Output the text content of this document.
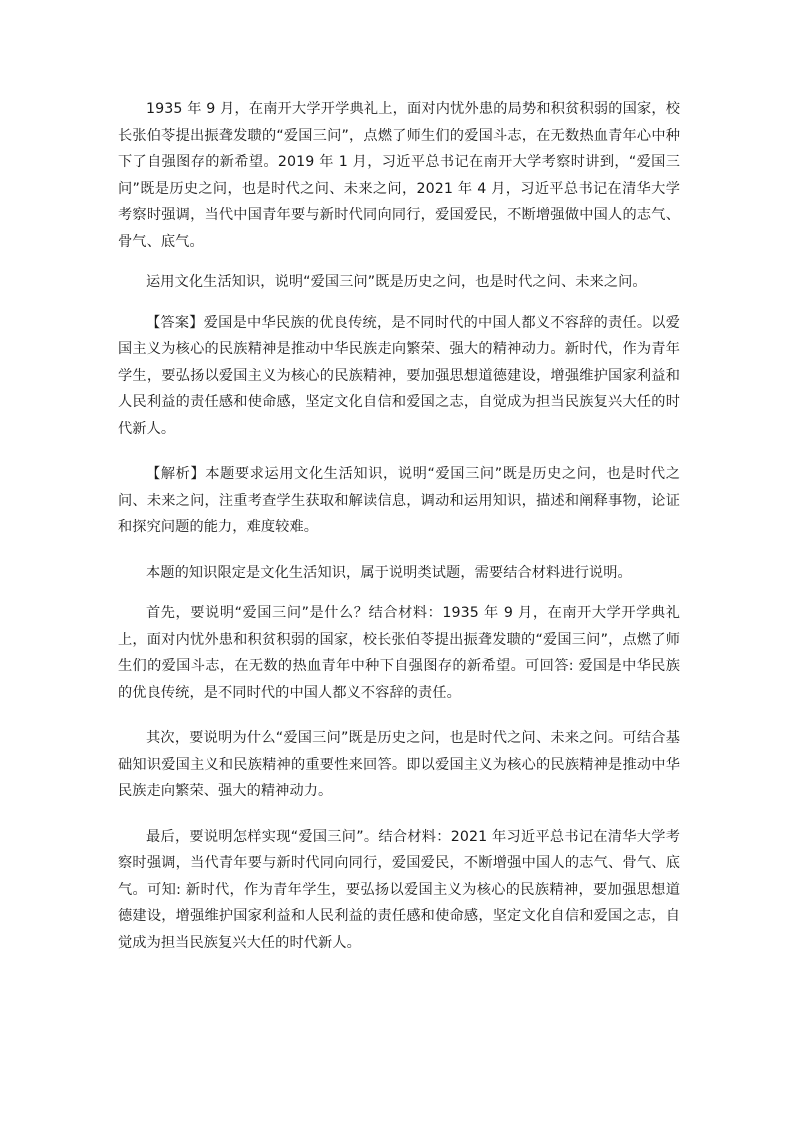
1935 年 9 月，在南开大学开学典礼上，面对内忧外患的局势和积贫积弱的国家，校长张伯苓提出振聋发聩的“爱国三问”，点燃了师生们的爱国斗志，在无数热血青年心中种下了自强图存的新希望。2019 年 1 月，习近平总书记在南开大学考察时讲到，“爱国三问”既是历史之问，也是时代之问、未来之问，2021 年 4 月，习近平总书记在清华大学考察时强调，当代中国青年要与新时代同向同行，爱国爱民，不断增强做中国人的志气、骨气、底气。

运用文化生活知识，说明“爱国三问”既是历史之问，也是时代之问、未来之问。

【答案】爱国是中华民族的优良传统，是不同时代的中国人都义不容辞的责任。以爱国主义为核心的民族精神是推动中华民族走向繁荣、强大的精神动力。新时代，作为青年学生，要弘扬以爱国主义为核心的民族精神，要加强思想道德建设，增强维护国家利益和人民利益的责任感和使命感，坚定文化自信和爱国之志，自觉成为担当民族复兴大任的时代新人。

【解析】本题要求运用文化生活知识，说明“爱国三问”既是历史之问，也是时代之问、未来之问，注重考查学生获取和解读信息，调动和运用知识，描述和阐释事物，论证和探究问题的能力，难度较难。

本题的知识限定是文化生活知识，属于说明类试题，需要结合材料进行说明。

首先，要说明“爱国三问”是什么？结合材料：1935 年 9 月，在南开大学开学典礼上，面对内忧外患和积贫积弱的国家，校长张伯苓提出振聋发聩的“爱国三问”，点燃了师生们的爱国斗志，在无数的热血青年中种下自强图存的新希望。可回答: 爱国是中华民族的优良传统，是不同时代的中国人都义不容辞的责任。

其次，要说明为什么“爱国三问”既是历史之问，也是时代之问、未来之问。可结合基础知识爱国主义和民族精神的重要性来回答。即以爱国主义为核心的民族精神是推动中华民族走向繁荣、强大的精神动力。

最后，要说明怎样实现“爱国三问”。结合材料：2021 年习近平总书记在清华大学考察时强调，当代青年要与新时代同向同行，爱国爱民，不断增强中国人的志气、骨气、底气。可知: 新时代，作为青年学生，要弘扬以爱国主义为核心的民族精神，要加强思想道德建设，增强维护国家利益和人民利益的责任感和使命感，坚定文化自信和爱国之志，自觉成为担当民族复兴大任的时代新人。
